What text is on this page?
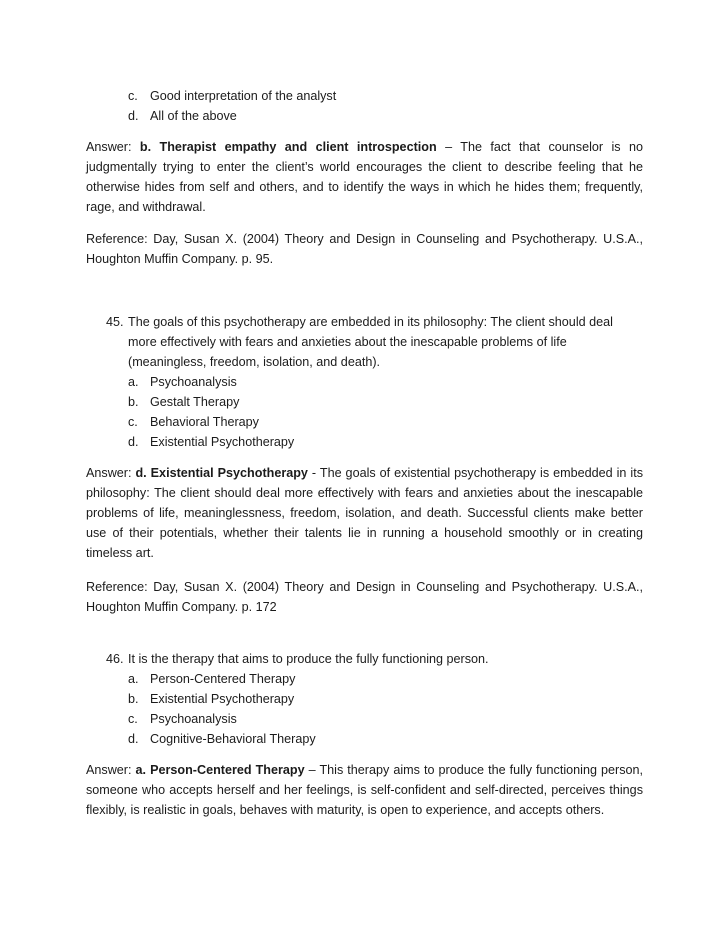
c. Good interpretation of the analyst
d. All of the above

Answer: b. Therapist empathy and client introspection – The fact that counselor is no judgmentally trying to enter the client’s world encourages the client to describe feeling that he otherwise hides from self and others, and to identify the ways in which he hides them; frequently, rage, and withdrawal.

Reference: Day, Susan X. (2004) Theory and Design in Counseling and Psychotherapy. U.S.A., Houghton Muffin Company. p. 95.

45. The goals of this psychotherapy are embedded in its philosophy: The client should deal more effectively with fears and anxieties about the inescapable problems of life (meaningless, freedom, isolation, and death).
a. Psychoanalysis
b. Gestalt Therapy
c. Behavioral Therapy
d. Existential Psychotherapy

Answer: d. Existential Psychotherapy - The goals of existential psychotherapy is embedded in its philosophy: The client should deal more effectively with fears and anxieties about the inescapable problems of life, meaninglessness, freedom, isolation, and death. Successful clients make better use of their potentials, whether their talents lie in running a household smoothly or in creating timeless art.

Reference: Day, Susan X. (2004) Theory and Design in Counseling and Psychotherapy. U.S.A., Houghton Muffin Company. p. 172

46. It is the therapy that aims to produce the fully functioning person.
a. Person-Centered Therapy
b. Existential Psychotherapy
c. Psychoanalysis
d. Cognitive-Behavioral Therapy

Answer: a. Person-Centered Therapy – This therapy aims to produce the fully functioning person, someone who accepts herself and her feelings, is self-confident and self-directed, perceives things flexibly, is realistic in goals, behaves with maturity, is open to experience, and accepts others.
